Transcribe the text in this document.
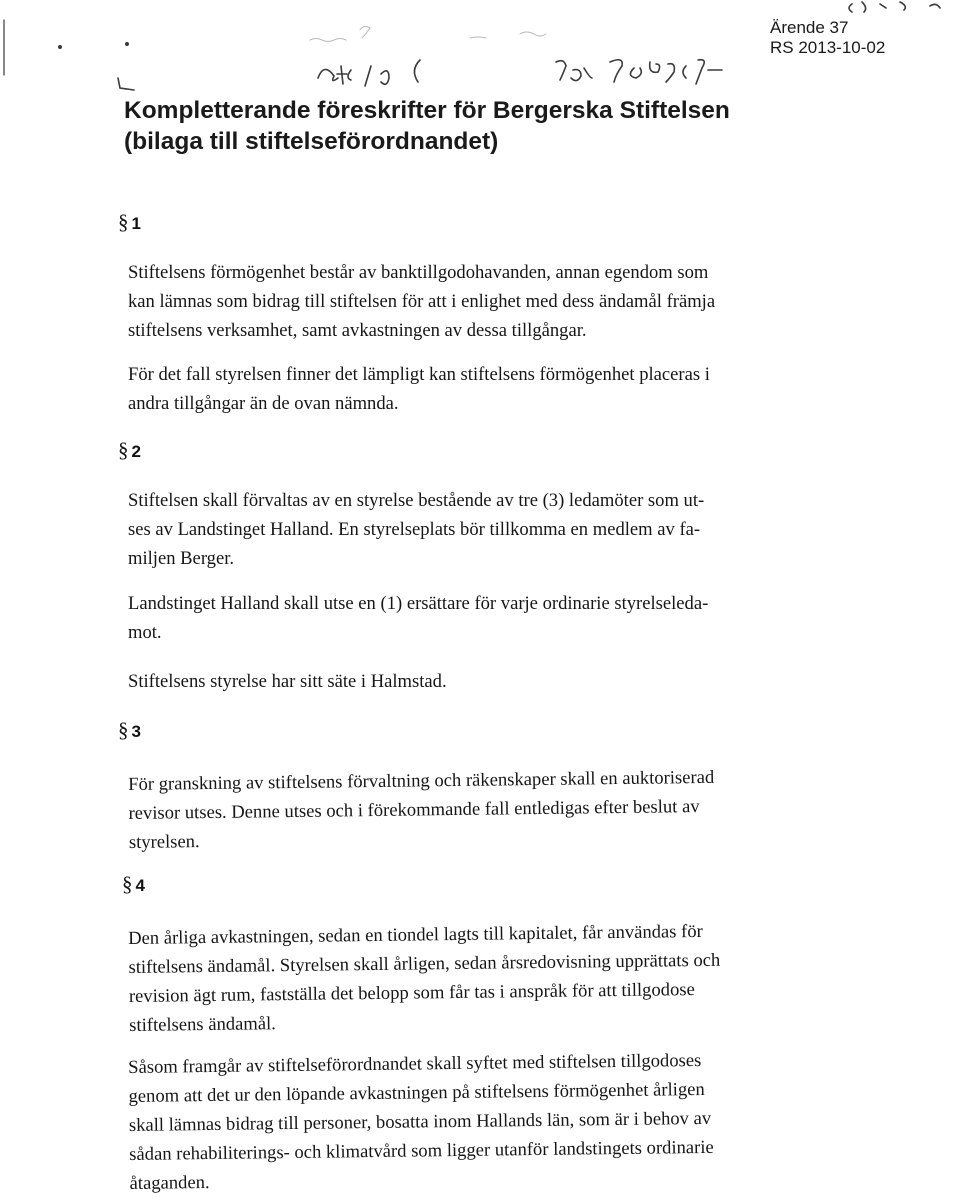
Ärende 37
RS 2013-10-02
Kompletterande föreskrifter för Bergerska Stiftelsen
(bilaga till stiftelseförordnandet)
§ 1

Stiftelsens förmögenhet består av banktillgodohavanden, annan egendom som
kan lämnas som bidrag till stiftelsen för att i enlighet med dess ändamål främja
stiftelsens verksamhet, samt avkastningen av dessa tillgångar.

För det fall styrelsen finner det lämpligt kan stiftelsens förmögenhet placeras i
andra tillgångar än de ovan nämnda.

§ 2

Stiftelsen skall förvaltas av en styrelse bestående av tre (3) ledamöter som ut-
ses av Landstinget Halland. En styrelseplats bör tillkomma en medlem av fa-
miljen Berger.

Landstinget Halland skall utse en (1) ersättare för varje ordinarie styrelseleda-
mot.

Stiftelsens styrelse har sitt säte i Halmstad.

§ 3

För granskning av stiftelsens förvaltning och räkenskaper skall en auktoriserad
revisor utses. Denne utses och i förekommande fall entledigas efter beslut av
styrelsen.

§ 4

Den årliga avkastningen, sedan en tiondel lagts till kapitalet, får användas för
stiftelsens ändamål. Styrelsen skall årligen, sedan årsredovisning upprättats och
revision ägt rum, fastställa det belopp som får tas i anspråk för att tillgodose
stiftelsens ändamål.

Såsom framgår av stiftelseförordnandet skall syftet med stiftelsen tillgodoses
genom att det ur den löpande avkastningen på stiftelsens förmögenhet årligen
skall lämnas bidrag till personer, bosatta inom Hallands län, som är i behov av
sådan rehabiliterings- och klimatvård som ligger utanför landstingets ordinarie
åtaganden.
